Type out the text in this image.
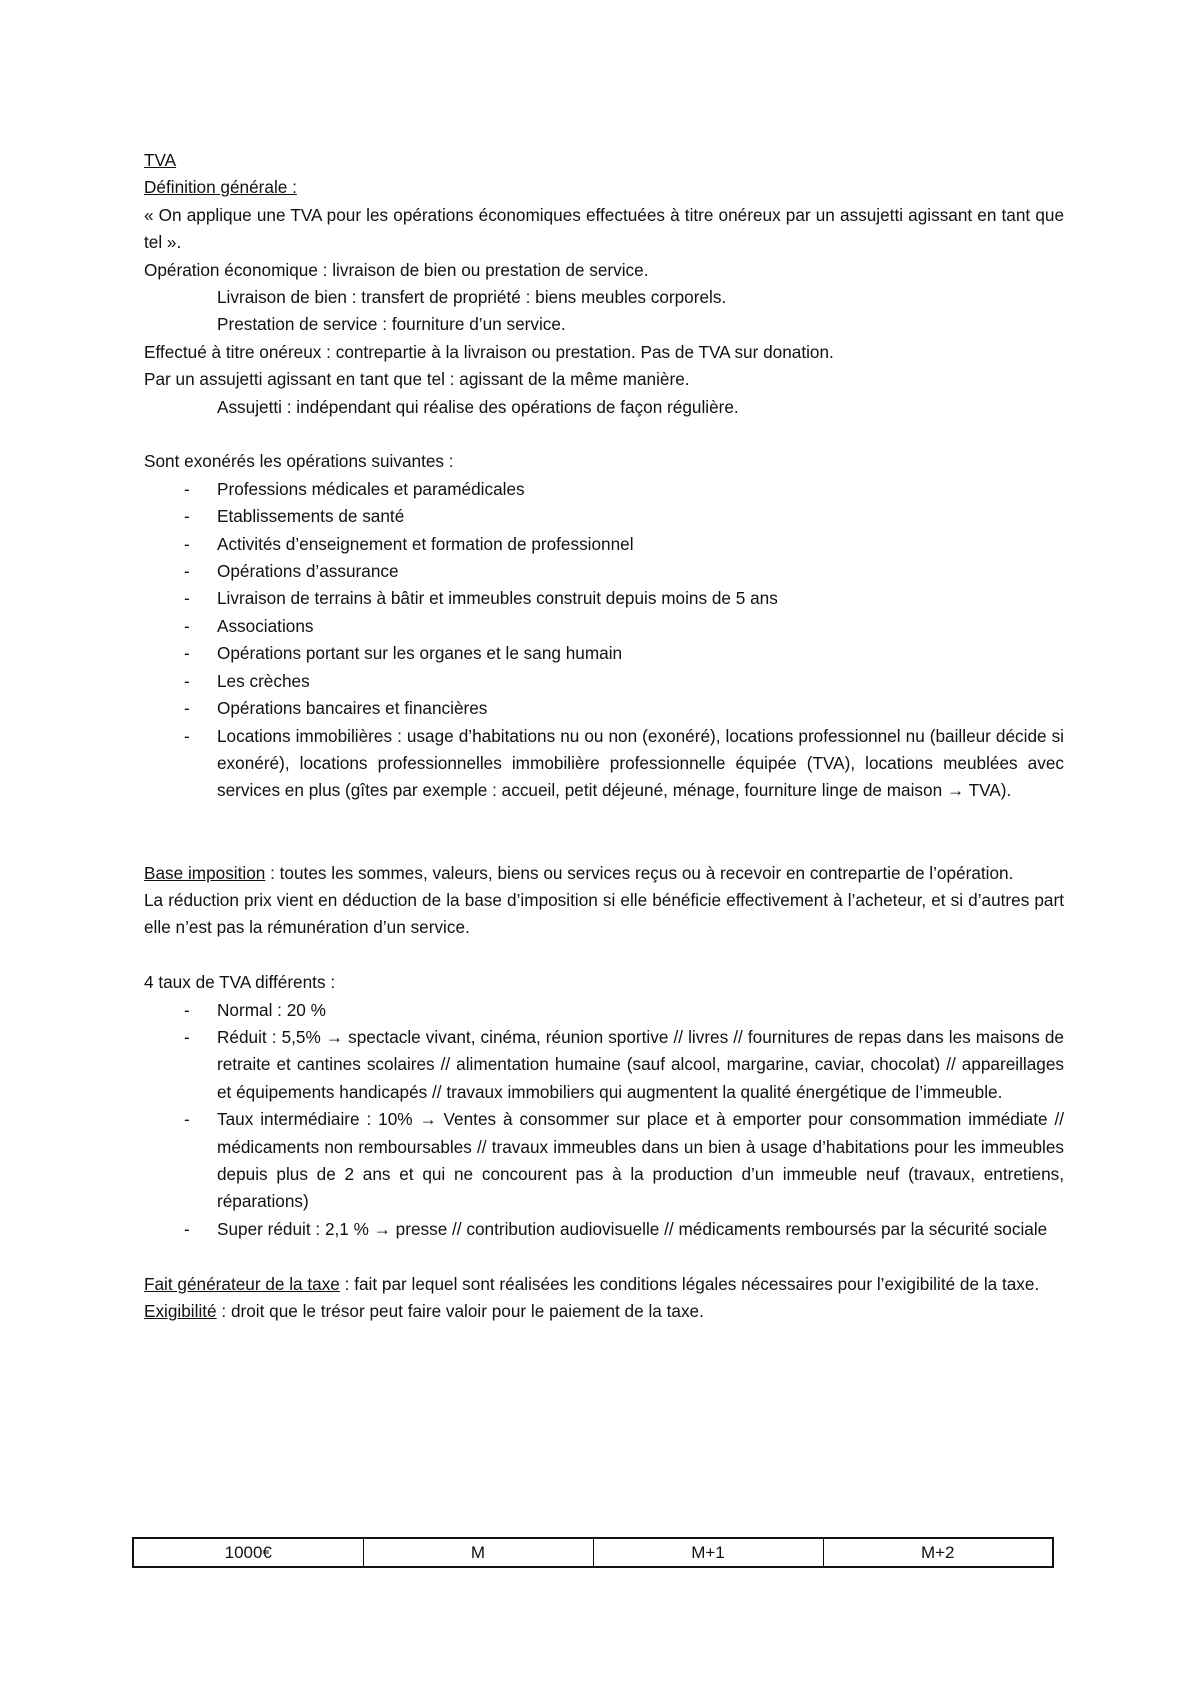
TVA
Définition générale :
« On applique une TVA pour les opérations économiques effectuées à titre onéreux par un assujetti agissant en tant que tel ».
Opération économique : livraison de bien ou prestation de service.
Livraison de bien : transfert de propriété : biens meubles corporels.
Prestation de service : fourniture d’un service.
Effectué à titre onéreux : contrepartie à la livraison ou prestation. Pas de TVA sur donation.
Par un assujetti agissant en tant que tel : agissant de la même manière.
Assujetti : indépendant qui réalise des opérations de façon régulière.
Sont exonérés les opérations suivantes :
- Professions médicales et paramédicales
- Etablissements de santé
- Activités d’enseignement et formation de professionnel
- Opérations d’assurance
- Livraison de terrains à bâtir et immeubles construit depuis moins de 5 ans
- Associations
- Opérations portant sur les organes et le sang humain
- Les crèches
- Opérations bancaires et financières
- Locations immobilières : usage d’habitations nu ou non (exonéré), locations professionnel nu (bailleur décide si exonéré), locations professionnelles immobilière professionnelle équipée (TVA), locations meublées avec services en plus (gîtes par exemple : accueil, petit déjeuné, ménage, fourniture linge de maison → TVA).
Base imposition : toutes les sommes, valeurs, biens ou services reçus ou à recevoir en contrepartie de l’opération.
La réduction prix vient en déduction de la base d’imposition si elle bénéficie effectivement à l’acheteur, et si d’autres part elle n’est pas la rémunération d’un service.
4 taux de TVA différents :
- Normal : 20 %
- Réduit : 5,5% → spectacle vivant, cinéma, réunion sportive // livres // fournitures de repas dans les maisons de retraite et cantines scolaires // alimentation humaine (sauf alcool, margarine, caviar, chocolat) // appareillages et équipements handicapés // travaux immobiliers qui augmentent la qualité énergétique de l’immeuble.
- Taux intermédiaire : 10% → Ventes à consommer sur place et à emporter pour consommation immédiate // médicaments non remboursables // travaux immeubles dans un bien à usage d’habitations pour les immeubles depuis plus de 2 ans et qui ne concourent pas à la production d’un immeuble neuf (travaux, entretiens, réparations)
- Super réduit : 2,1 % → presse // contribution audiovisuelle // médicaments remboursés par la sécurité sociale
Fait générateur de la taxe : fait par lequel sont réalisées les conditions légales nécessaires pour l’exigibilité de la taxe.
Exigibilité : droit que le trésor peut faire valoir pour le paiement de la taxe.
1000€	M	M+1	M+2
